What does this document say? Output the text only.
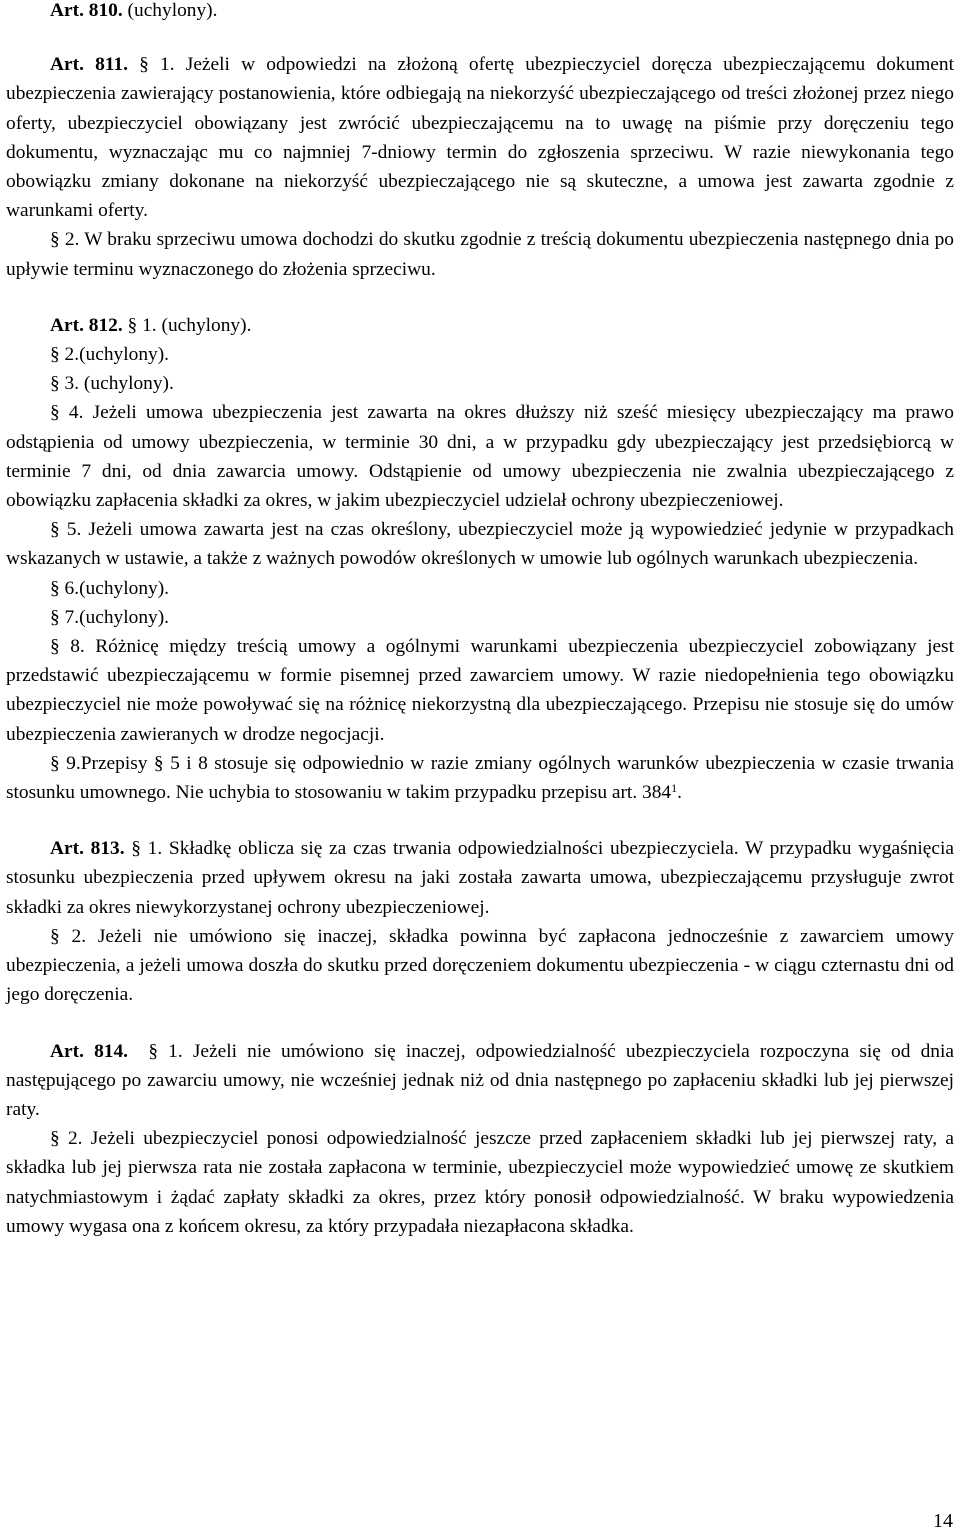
Art. 810. (uchylony).

Art. 811. § 1. Jeżeli w odpowiedzi na złożoną ofertę ubezpieczyciel doręcza ubezpieczającemu dokument ubezpieczenia zawierający postanowienia, które odbiegają na niekorzyść ubezpieczającego od treści złożonej przez niego oferty, ubezpieczyciel obowiązany jest zwrócić ubezpieczającemu na to uwagę na piśmie przy doręczeniu tego dokumentu, wyznaczając mu co najmniej 7-dniowy termin do zgłoszenia sprzeciwu. W razie niewykonania tego obowiązku zmiany dokonane na niekorzyść ubezpieczającego nie są skuteczne, a umowa jest zawarta zgodnie z warunkami oferty.

§ 2. W braku sprzeciwu umowa dochodzi do skutku zgodnie z treścią dokumentu ubezpieczenia następnego dnia po upływie terminu wyznaczonego do złożenia sprzeciwu.

Art. 812. § 1. (uchylony).

§ 2.(uchylony).

§ 3. (uchylony).

§ 4. Jeżeli umowa ubezpieczenia jest zawarta na okres dłuższy niż sześć miesięcy ubezpieczający ma prawo odstąpienia od umowy ubezpieczenia, w terminie 30 dni, a w przypadku gdy ubezpieczający jest przedsiębiorcą w terminie 7 dni, od dnia zawarcia umowy. Odstąpienie od umowy ubezpieczenia nie zwalnia ubezpieczającego z obowiązku zapłacenia składki za okres, w jakim ubezpieczyciel udzielał ochrony ubezpieczeniowej.

§ 5. Jeżeli umowa zawarta jest na czas określony, ubezpieczyciel może ją wypowiedzieć jedynie w przypadkach wskazanych w ustawie, a także z ważnych powodów określonych w umowie lub ogólnych warunkach ubezpieczenia.

§ 6.(uchylony).

§ 7.(uchylony).

§ 8. Różnicę między treścią umowy a ogólnymi warunkami ubezpieczenia ubezpieczyciel zobowiązany jest przedstawić ubezpieczającemu w formie pisemnej przed zawarciem umowy. W razie niedopełnienia tego obowiązku ubezpieczyciel nie może powoływać się na różnicę niekorzystną dla ubezpieczającego. Przepisu nie stosuje się do umów ubezpieczenia zawieranych w drodze negocjacji.

§ 9.Przepisy § 5 i 8 stosuje się odpowiednio w razie zmiany ogólnych warunków ubezpieczenia w czasie trwania stosunku umownego. Nie uchybia to stosowaniu w takim przypadku przepisu art. $384^1$.

Art. 813. § 1. Składkę oblicza się za czas trwania odpowiedzialności ubezpieczyciela. W przypadku wygaśnięcia stosunku ubezpieczenia przed upływem okresu na jaki została zawarta umowa, ubezpieczającemu przysługuje zwrot składki za okres niewykorzystanej ochrony ubezpieczeniowej.

§ 2. Jeżeli nie umówiono się inaczej, składka powinna być zapłacona jednocześnie z zawarciem umowy ubezpieczenia, a jeżeli umowa doszła do skutku przed doręczeniem dokumentu ubezpieczenia - w ciągu czternastu dni od jego doręczenia.

Art. 814.  § 1. Jeżeli nie umówiono się inaczej, odpowiedzialność ubezpieczyciela rozpoczyna się od dnia następującego po zawarciu umowy, nie wcześniej jednak niż od dnia następnego po zapłaceniu składki lub jej pierwszej raty.

§ 2. Jeżeli ubezpieczyciel ponosi odpowiedzialność jeszcze przed zapłaceniem składki lub jej pierwszej raty, a składka lub jej pierwsza rata nie została zapłacona w terminie, ubezpieczyciel może wypowiedzieć umowę ze skutkiem natychmiastowym i żądać zapłaty składki za okres, przez który ponosił odpowiedzialność. W braku wypowiedzenia umowy wygasa ona z końcem okresu, za który przypadała niezapłacona składka.

14
